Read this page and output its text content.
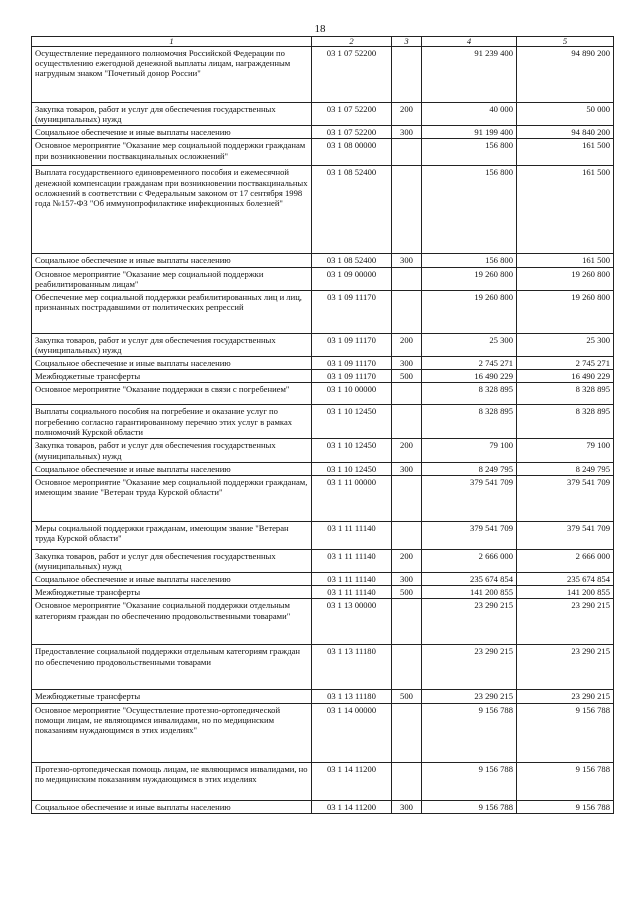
18
1	2	3	4	5
Осуществление переданного полномочия Российской Федерации по осуществлению ежегодной денежной выплаты лицам, награжденным нагрудным знаком "Почетный донор России"	03 1 07 52200		91 239 400	94 890 200
Закупка товаров, работ и услуг для обеспечения государственных (муниципальных) нужд	03 1 07 52200	200	40 000	50 000
Социальное обеспечение и иные выплаты населению	03 1 07 52200	300	91 199 400	94 840 200
Основное мероприятие "Оказание мер социальной поддержки гражданам при возникновении поствакцинальных осложнений"	03 1 08 00000		156 800	161 500
Выплата государственного единовременного пособия и ежемесячной денежной компенсации гражданам при возникновении поствакцинальных осложнений в соответствии с Федеральным законом от 17 сентября 1998 года №157-ФЗ "Об иммунопрофилактике инфекционных болезней"	03 1 08 52400		156 800	161 500
Социальное обеспечение и иные выплаты населению	03 1 08 52400	300	156 800	161 500
Основное мероприятие "Оказание мер социальной поддержки реабилитированным лицам"	03 1 09 00000		19 260 800	19 260 800
Обеспечение мер социальной поддержки реабилитированных лиц и лиц, признанных пострадавшими от политических репрессий	03 1 09 11170		19 260 800	19 260 800
Закупка товаров, работ и услуг для обеспечения государственных (муниципальных) нужд	03 1 09 11170	200	25 300	25 300
Социальное обеспечение и иные выплаты населению	03 1 09 11170	300	2 745 271	2 745 271
Межбюджетные трансферты	03 1 09 11170	500	16 490 229	16 490 229
Основное мероприятие "Оказание поддержки в связи с погребением"	03 1 10 00000		8 328 895	8 328 895
Выплаты социального пособия на погребение и оказание услуг по погребению согласно гарантированному перечню этих услуг в рамках полномочий Курской области	03 1 10 12450		8 328 895	8 328 895
Закупка товаров, работ и услуг для обеспечения государственных (муниципальных) нужд	03 1 10 12450	200	79 100	79 100
Социальное обеспечение и иные выплаты населению	03 1 10 12450	300	8 249 795	8 249 795
Основное мероприятие "Оказание мер социальной поддержки гражданам, имеющим звание "Ветеран труда Курской области"	03 1 11 00000		379 541 709	379 541 709
Меры социальной поддержки гражданам, имеющим звание "Ветеран труда Курской области"	03 1 11 11140		379 541 709	379 541 709
Закупка товаров, работ и услуг для обеспечения государственных (муниципальных) нужд	03 1 11 11140	200	2 666 000	2 666 000
Социальное обеспечение и иные выплаты населению	03 1 11 11140	300	235 674 854	235 674 854
Межбюджетные трансферты	03 1 11 11140	500	141 200 855	141 200 855
Основное мероприятие "Оказание социальной поддержки отдельным категориям граждан по обеспечению продовольственными товарами"	03 1 13 00000		23 290 215	23 290 215
Предоставление социальной поддержки отдельным категориям граждан по обеспечению продовольственными товарами	03 1 13 11180		23 290 215	23 290 215
Межбюджетные трансферты	03 1 13 11180	500	23 290 215	23 290 215
Основное мероприятие "Осуществление протезно-ортопедической помощи лицам, не являющимся инвалидами, но по медицинским показаниям нуждающимся в этих изделиях"	03 1 14 00000		9 156 788	9 156 788
Протезно-ортопедическая помощь лицам, не являющимся инвалидами, но по медицинским показаниям нуждающимся в этих изделиях	03 1 14 11200		9 156 788	9 156 788
Социальное обеспечение и иные выплаты населению	03 1 14 11200	300	9 156 788	9 156 788
